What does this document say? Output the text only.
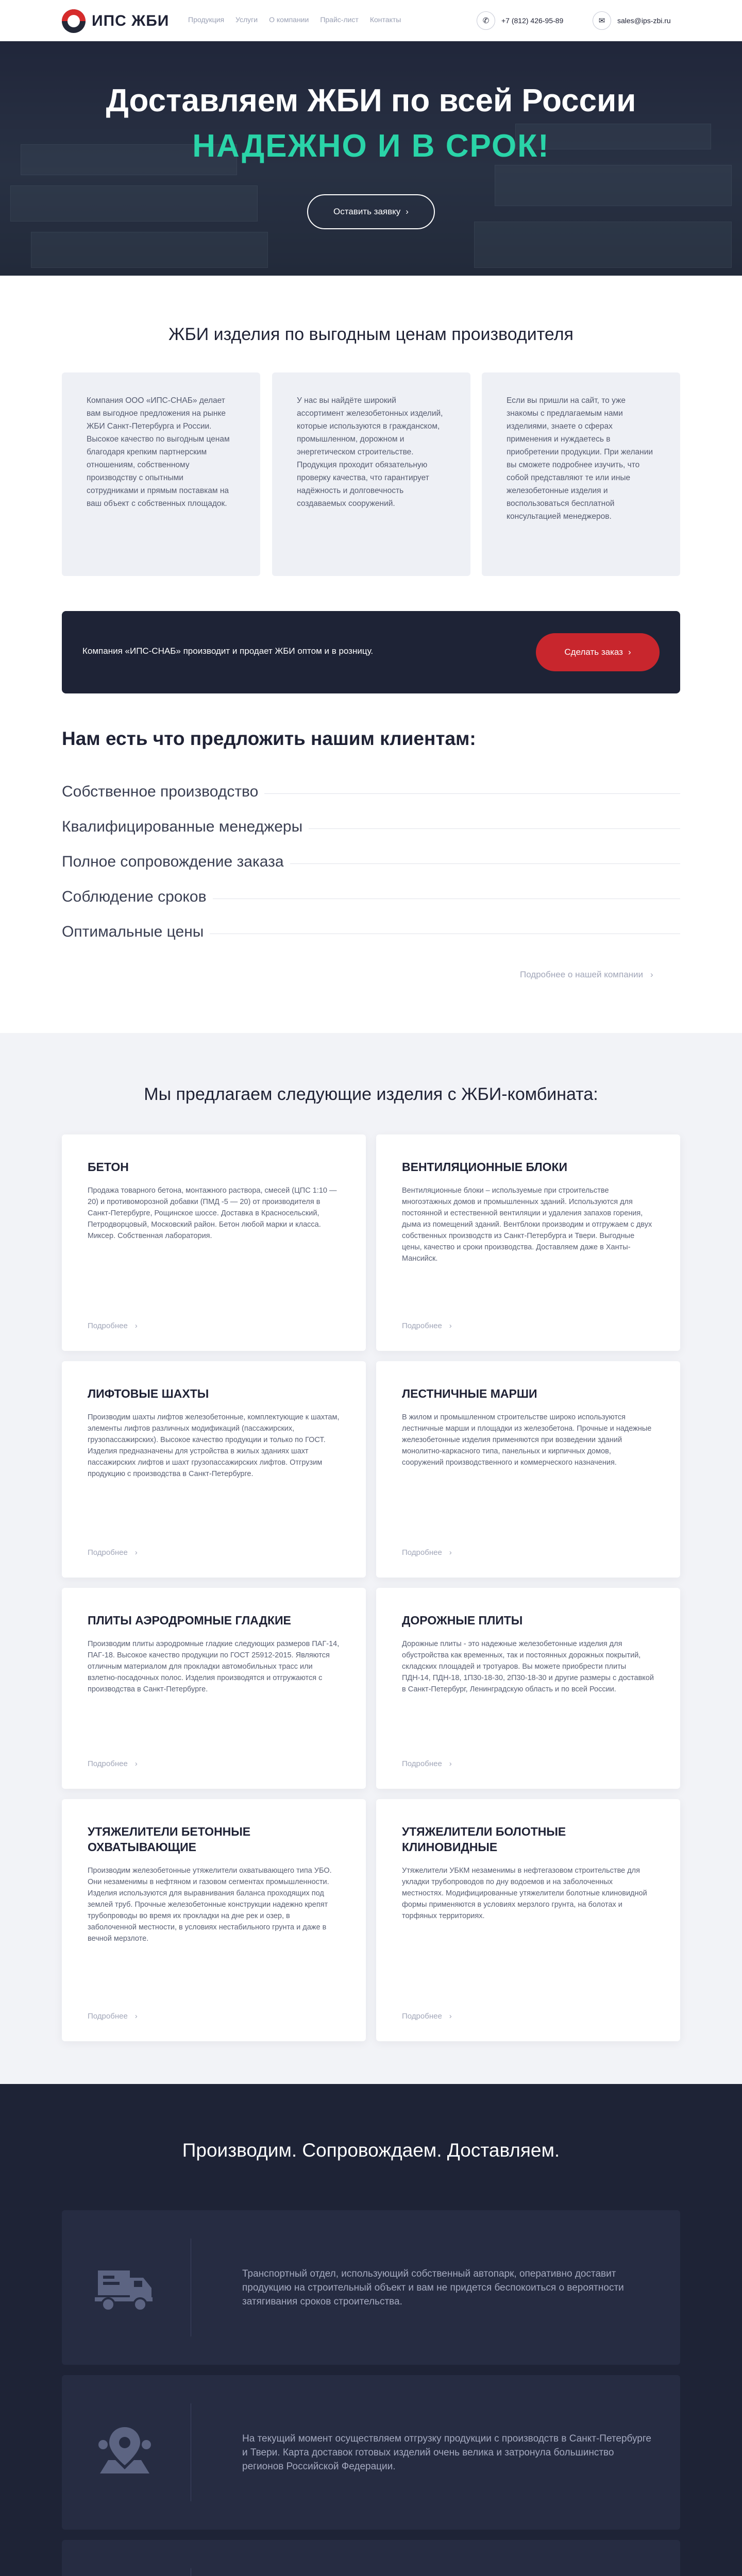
ИПС ЖБИ	Продукция Услуги О компании Прайс-лист Контакты	✆	+7 (812) 426-95-89	✉	sales@ips-zbi.ru
Доставляем ЖБИ по всей России
НАДЕЖНО И В СРОК!
Оставить заявку ›
ЖБИ изделия по выгодным ценам производителя
Компания ООО «ИПС-СНАБ» делает вам выгодное предложения на рынке ЖБИ Санкт-Петербурга и России. Высокое качество по выгодным ценам благодаря крепким партнерским отношениям, собственному производству с опытными сотрудниками и прямым поставкам на ваш объект с собственных площадок.
У нас вы найдёте широкий ассортимент железобетонных изделий, которые используются в гражданском, промышленном, дорожном и энергетическом строительстве. Продукция проходит обязательную проверку качества, что гарантирует надёжность и долговечность создаваемых сооружений.
Если вы пришли на сайт, то уже знакомы с предлагаемым нами изделиями, знаете о сферах применения и нуждаетесь в приобретении продукции. При желании вы сможете подробнее изучить, что собой представляют те или иные железобетонные изделия и воспользоваться бесплатной консультацией менеджеров.
Компания «ИПС-СНАБ» производит и продает ЖБИ оптом и в розницу.	Сделать заказ ›
Нам есть что предложить нашим клиентам:
Собственное производство
Квалифицированные менеджеры
Полное сопровождение заказа
Соблюдение сроков
Оптимальные цены
Подробнее о нашей компании ›
Мы предлагаем следующие изделия с ЖБИ-комбината:
БЕТОН

Продажа товарного бетона, монтажного раствора, смесей (ЦПС 1:10 — 20) и противоморозной добавки (ПМД -5 — 20) от производителя в Санкт-Петербурге, Рощинское шоссе. Доставка в Красносельский, Петродворцовый, Московский район. Бетон любой марки и класса. Миксер. Собственная лаборатория.

Подробнее ›
ВЕНТИЛЯЦИОННЫЕ БЛОКИ

Вентиляционные блоки – используемые при строительстве многоэтажных домов и промышленных зданий. Используются для постоянной и естественной вентиляции и удаления запахов горения, дыма из помещений зданий. Вентблоки производим и отгружаем с двух собственных производств из Санкт-Петербурга и Твери. Выгодные цены, качество и сроки производства. Доставляем даже в Ханты-Мансийск.

Подробнее ›
ЛИФТОВЫЕ ШАХТЫ

Производим шахты лифтов железобетонные, комплектующие к шахтам, элементы лифтов различных модификаций (пассажирских, грузопассажирских). Высокое качество продукции и только по ГОСТ. Изделия предназначены для устройства в жилых зданиях шахт пассажирских лифтов и шахт грузопассажирских лифтов. Отгрузим продукцию с производства в Санкт-Петербурге.

Подробнее ›
ЛЕСТНИЧНЫЕ МАРШИ

В жилом и промышленном строительстве широко используются лестничные марши и площадки из железобетона. Прочные и надежные железобетонные изделия применяются при возведении зданий монолитно-каркасного типа, панельных и кирпичных домов, сооружений производственного и коммерческого назначения.

Подробнее ›
ПЛИТЫ АЭРОДРОМНЫЕ ГЛАДКИЕ

Производим плиты аэродромные гладкие следующих размеров ПАГ-14, ПАГ-18. Высокое качество продукции по ГОСТ 25912-2015. Являются отличным материалом для прокладки автомобильных трасс или взлетно-посадочных полос. Изделия производятся и отгружаются с производства в Санкт-Петербурге.

Подробнее ›
ДОРОЖНЫЕ ПЛИТЫ

Дорожные плиты - это надежные железобетонные изделия для обустройства как временных, так и постоянных дорожных покрытий, складских площадей и тротуаров. Вы можете приобрести плиты ПДН-14, ПДН-18, 1П30-18-30, 2П30-18-30 и другие размеры с доставкой в Санкт-Петербург, Ленинградскую область и по всей России.

Подробнее ›
УТЯЖЕЛИТЕЛИ БЕТОННЫЕ ОХВАТЫВАЮЩИЕ

Производим железобетонные утяжелители охватывающего типа УБО. Они незаменимы в нефтяном и газовом сегментах промышленности. Изделия используются для выравнивания баланса проходящих под землей труб. Прочные железобетонные конструкции надежно крепят трубопроводы во время их прокладки на дне рек и озер, в заболоченной местности, в условиях нестабильного грунта и даже в вечной мерзлоте.

Подробнее ›
УТЯЖЕЛИТЕЛИ БОЛОТНЫЕ КЛИНОВИДНЫЕ

Утяжелители УБКМ незаменимы в нефтегазовом строительстве для укладки трубопроводов по дну водоемов и на заболоченных местностях. Модифицированные утяжелители болотные клиновидной формы применяются в условиях мерзлого грунта, на болотах и торфяных территориях.

Подробнее ›
Производим. Сопровождаем. Доставляем.
Транспортный отдел, использующий собственный автопарк, оперативно доставит продукцию на строительный объект и вам не придется беспокоиться о вероятности затягивания сроков строительства.
На текущий момент осуществляем отгрузку продукции с производств в Санкт-Петербурге и Твери. Карта доставок готовых изделий очень велика и затронула большинство регионов Российской Федерации.
